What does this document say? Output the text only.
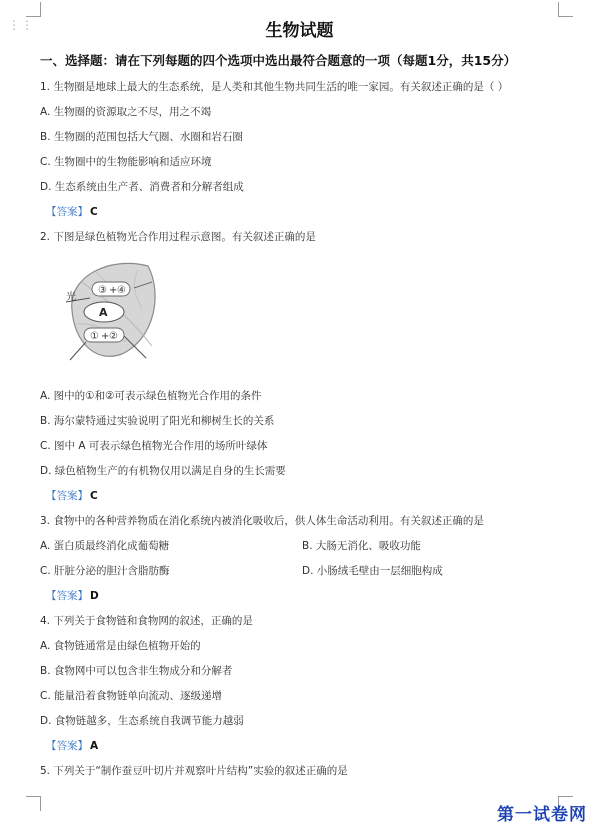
⋮⋮	生物试题
一、选择题：请在下列每题的四个选项中选出最符合题意的一项（每题1分，共15分）
1. 生物圈是地球上最大的生态系统，是人类和其他生物共同生活的唯一家园。有关叙述正确的是（ ）
A. 生物圈的资源取之不尽，用之不竭
B. 生物圈的范围包括大气圈、水圈和岩石圈
C. 生物圈中的生物能影响和适应环境
D. 生态系统由生产者、消费者和分解者组成
【答案】 C
2. 下图是绿色植物光合作用过程示意图。有关叙述正确的是
光
③ + ④
A
① + ②
A. 图中的①和②可表示绿色植物光合作用的条件
B. 海尔蒙特通过实验说明了阳光和柳树生长的关系
C. 图中 A 可表示绿色植物光合作用的场所叶绿体
D. 绿色植物生产的有机物仅用以满足自身的生长需要
【答案】 C
3. 食物中的各种营养物质在消化系统内被消化吸收后，供人体生命活动利用。有关叙述正确的是
A. 蛋白质最终消化成葡萄糖	B. 大肠无消化、吸收功能
C. 肝脏分泌的胆汁含脂肪酶	D. 小肠绒毛壁由一层细胞构成
【答案】 D
4. 下列关于食物链和食物网的叙述，正确的是
A. 食物链通常是由绿色植物开始的
B. 食物网中可以包含非生物成分和分解者
C. 能量沿着食物链单向流动、逐级递增
D. 食物链越多，生态系统自我调节能力越弱
【答案】 A
5. 下列关于“制作蚕豆叶切片并观察叶片结构”实验的叙述正确的是
第一试卷网
